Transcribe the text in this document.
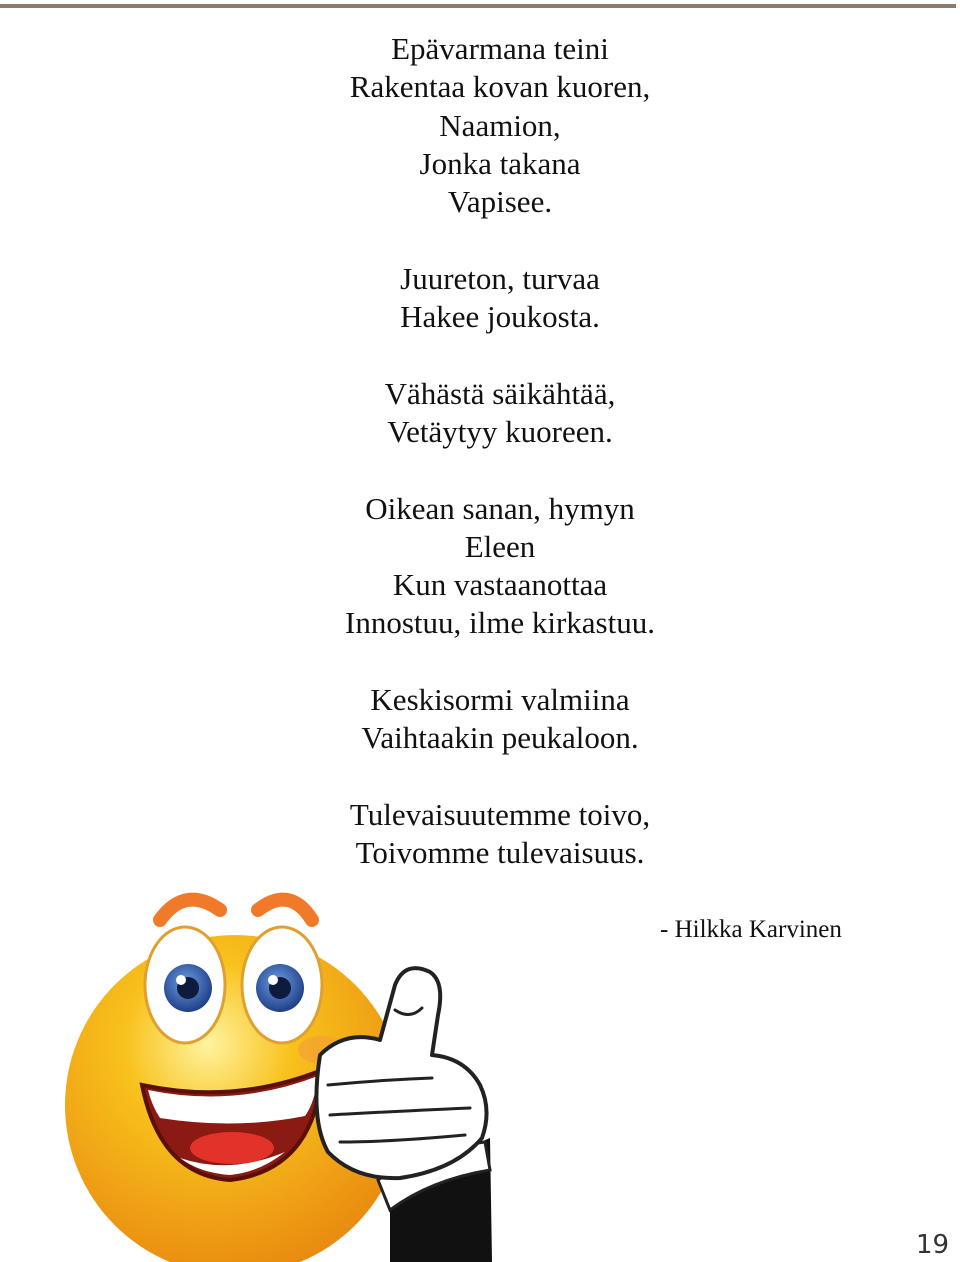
Epävarmana teini
Rakentaa kovan kuoren,
Naamion,
Jonka takana
Vapisee.
Juureton, turvaa
Hakee joukosta.
Vähästä säikähtää,
Vetäytyy kuoreen.
Oikean sanan, hymyn
Eleen
Kun vastaanottaa
Innostuu, ilme kirkastuu.
Keskisormi valmiina
Vaihtaakin peukaloon.
Tulevaisuutemme toivo,
Toivomme tulevaisuus.
- Hilkka Karvinen
19
